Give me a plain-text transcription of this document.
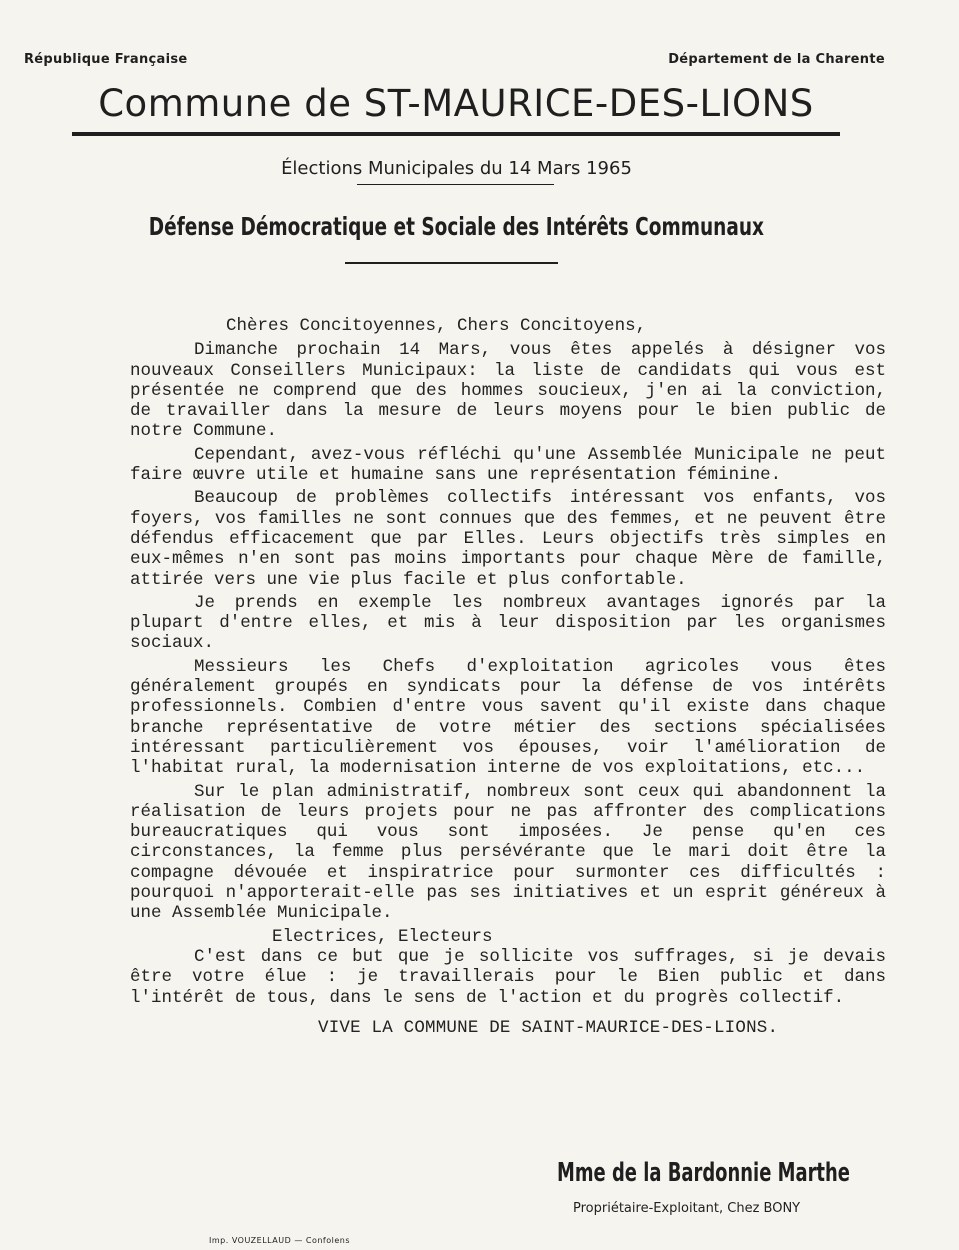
République Française	Département de la Charente
Commune de ST-MAURICE-DES-LIONS
Élections Municipales du 14 Mars 1965
Défense Démocratique et Sociale des Intérêts Communaux
Chères Concitoyennes, Chers Concitoyens,

Dimanche prochain 14 Mars, vous êtes appelés à désigner vos nouveaux Conseillers Municipaux: la liste de candidats qui vous est présentée ne comprend que des hommes soucieux, j'en ai la conviction, de travailler dans la mesure de leurs moyens pour le bien public de notre Commune.

Cependant, avez-vous réfléchi qu'une Assemblée Municipale ne peut faire œuvre utile et humaine sans une représentation féminine.

Beaucoup de problèmes collectifs intéressant vos enfants, vos foyers, vos familles ne sont connues que des femmes, et ne peuvent être défendus efficacement que par Elles. Leurs objectifs très simples en eux-mêmes n'en sont pas moins importants pour chaque Mère de famille, attirée vers une vie plus facile et plus confortable.

Je prends en exemple les nombreux avantages ignorés par la plupart d'entre elles, et mis à leur disposition par les organismes sociaux.

Messieurs les Chefs d'exploitation agricoles vous êtes généralement groupés en syndicats pour la défense de vos intérêts professionnels. Combien d'entre vous savent qu'il existe dans chaque branche représentative de votre métier des sections spécialisées intéressant particulièrement vos épouses, voir l'amélioration de l'habitat rural, la modernisation interne de vos exploitations, etc...

Sur le plan administratif, nombreux sont ceux qui abandonnent la réalisation de leurs projets pour ne pas affronter des complications bureaucratiques qui vous sont imposées. Je pense qu'en ces circonstances, la femme plus persévérante que le mari doit être la compagne dévouée et inspiratrice pour surmonter ces difficultés : pourquoi n'apporterait-elle pas ses initiatives et un esprit généreux à une Assemblée Municipale.

Electrices, Electeurs

C'est dans ce but que je sollicite vos suffrages, si je devais être votre élue : je travaillerais pour le Bien public et dans l'intérêt de tous, dans le sens de l'action et du progrès collectif.

VIVE LA COMMUNE DE SAINT-MAURICE-DES-LIONS.
Mme de la Bardonnie Marthe
Propriétaire-Exploitant, Chez BONY
Imp. VOUZELLAUD — Confolens
